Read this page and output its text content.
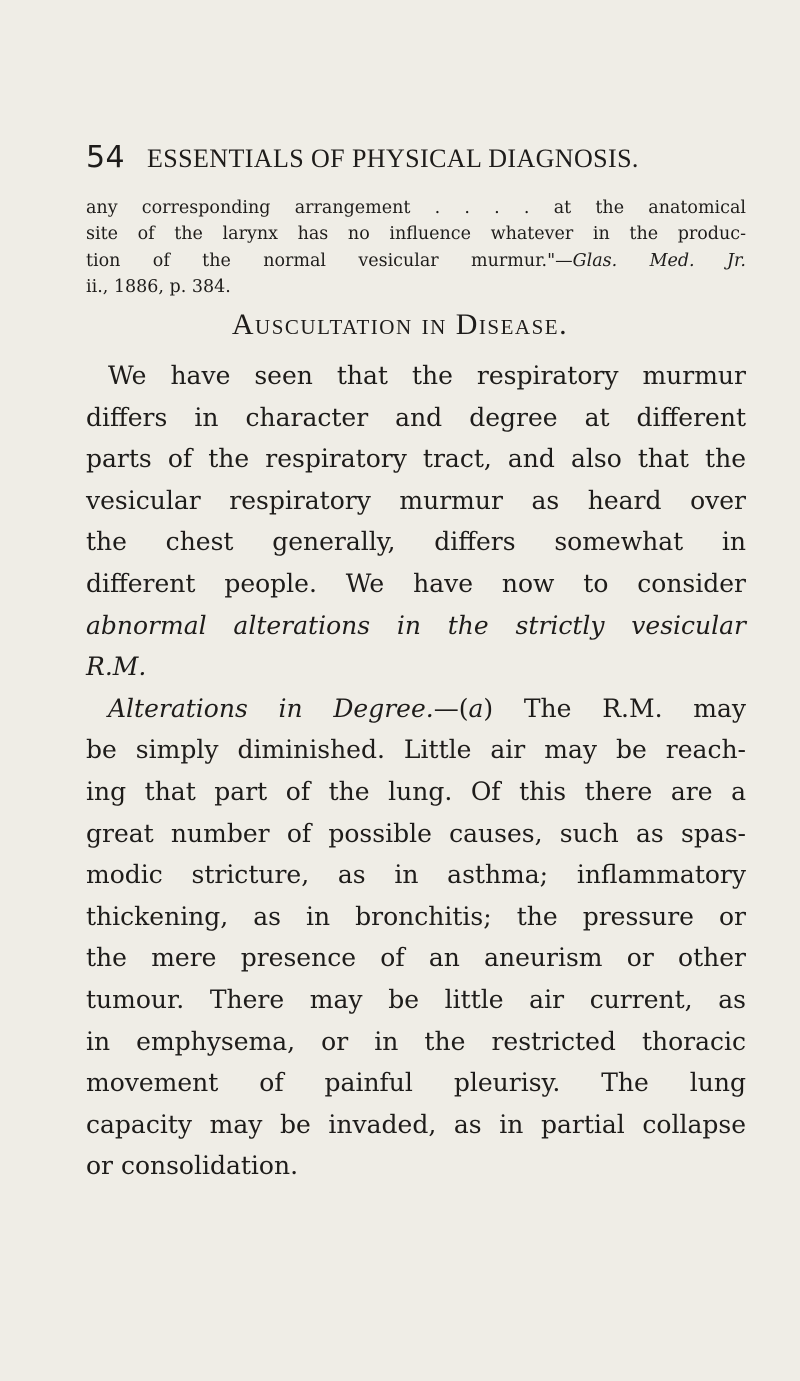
54 ESSENTIALS OF PHYSICAL DIAGNOSIS.
any corresponding arrangement . . . . at the anatomical
site of the larynx has no influence whatever in the produc-
tion of the normal vesicular murmur."—Glas. Med. Jr.
ii., 1886, p. 384.
Auscultation in Disease.
We have seen that the respiratory murmur
differs in character and degree at different
parts of the respiratory tract, and also that the
vesicular respiratory murmur as heard over
the chest generally, differs somewhat in
different people. We have now to consider
abnormal alterations in the strictly vesicular
R.M.
Alterations in Degree.—(a) The R.M. may
be simply diminished. Little air may be reach-
ing that part of the lung. Of this there are a
great number of possible causes, such as spas-
modic stricture, as in asthma; inflammatory
thickening, as in bronchitis; the pressure or
the mere presence of an aneurism or other
tumour. There may be little air current, as
in emphysema, or in the restricted thoracic
movement of painful pleurisy. The lung
capacity may be invaded, as in partial collapse
or consolidation.
